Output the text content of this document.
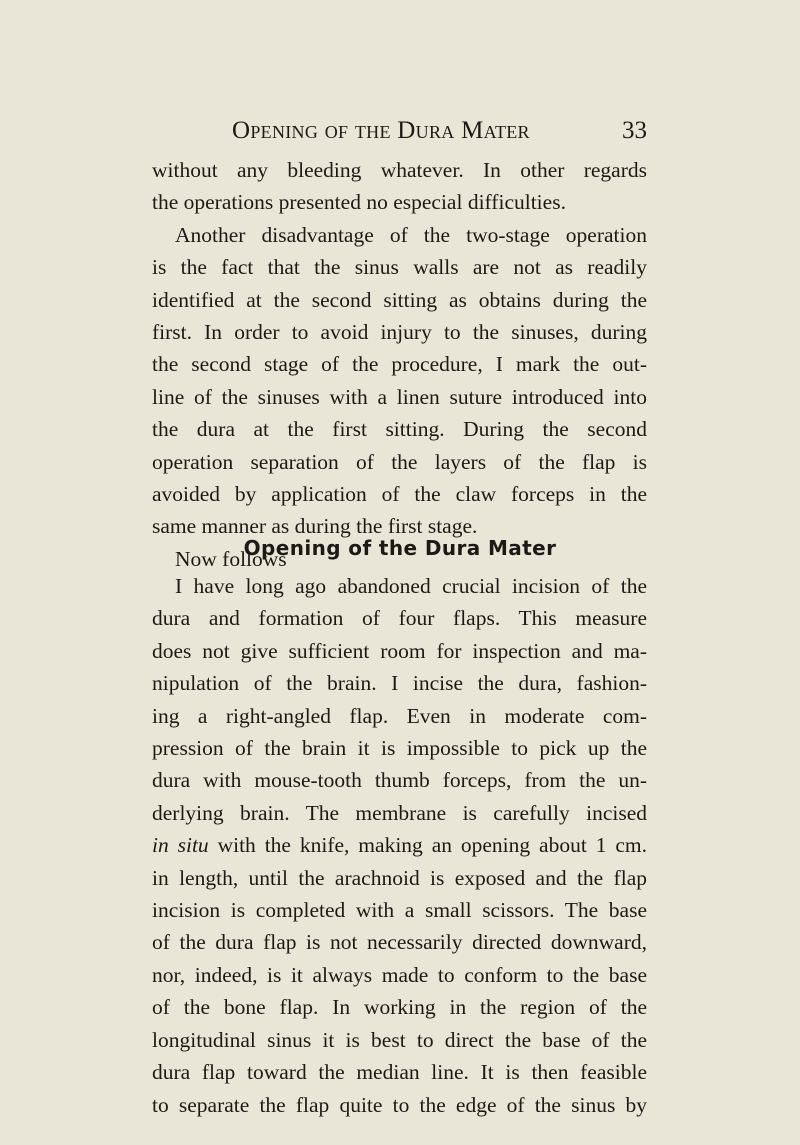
Opening of the Dura Mater	33
without any bleeding whatever. In other regards
the operations presented no especial difficulties.
Another disadvantage of the two-stage operation
is the fact that the sinus walls are not as readily
identified at the second sitting as obtains during the
first. In order to avoid injury to the sinuses, during
the second stage of the procedure, I mark the out-
line of the sinuses with a linen suture introduced into
the dura at the first sitting. During the second
operation separation of the layers of the flap is
avoided by application of the claw forceps in the
same manner as during the first stage.
Now follows
Opening of the Dura Mater
I have long ago abandoned crucial incision of the
dura and formation of four flaps. This measure
does not give sufficient room for inspection and ma-
nipulation of the brain. I incise the dura, fashion-
ing a right-angled flap. Even in moderate com-
pression of the brain it is impossible to pick up the
dura with mouse-tooth thumb forceps, from the un-
derlying brain. The membrane is carefully incised
in situ with the knife, making an opening about 1 cm.
in length, until the arachnoid is exposed and the flap
incision is completed with a small scissors. The base
of the dura flap is not necessarily directed downward,
nor, indeed, is it always made to conform to the base
of the bone flap. In working in the region of the
longitudinal sinus it is best to direct the base of the
dura flap toward the median line. It is then feasible
to separate the flap quite to the edge of the sinus by
